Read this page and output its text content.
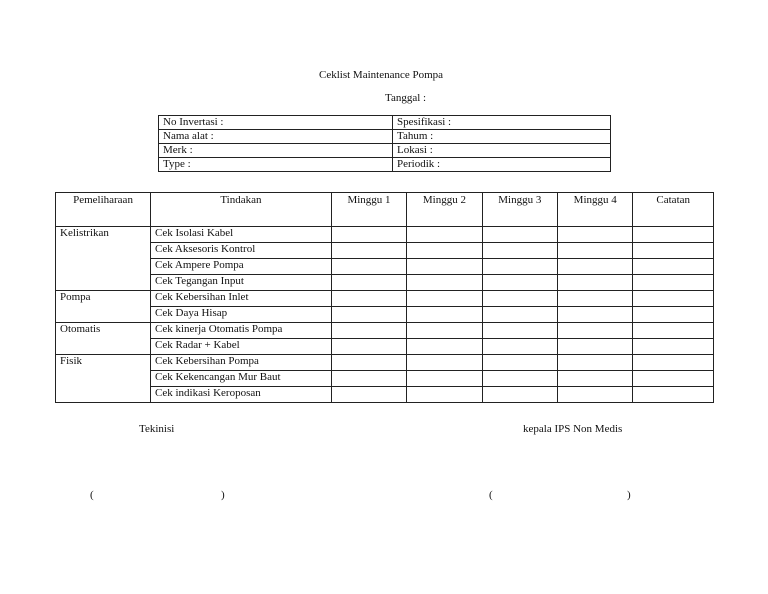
Ceklist Maintenance Pompa
Tanggal :
No Invertasi :	Spesifikasi :
Nama alat :	Tahum :
Merk :	Lokasi :
Type :	Periodik :
Pemeliharaan	Tindakan	Minggu 1	Minggu 2	Minggu 3	Minggu 4	Catatan
Kelistrikan	Cek Isolasi Kabel					
	Cek Aksesoris Kontrol					
	Cek Ampere Pompa					
	Cek Tegangan Input					
Pompa	Cek Kebersihan Inlet					
	Cek Daya Hisap					
Otomatis	Cek kinerja Otomatis Pompa					
	Cek Radar + Kabel					
Fisik	Cek Kebersihan Pompa					
	Cek Kekencangan Mur Baut					
	Cek indikasi Keroposan					
Tekinisi	kepala IPS Non Medis
(	)	(	)
